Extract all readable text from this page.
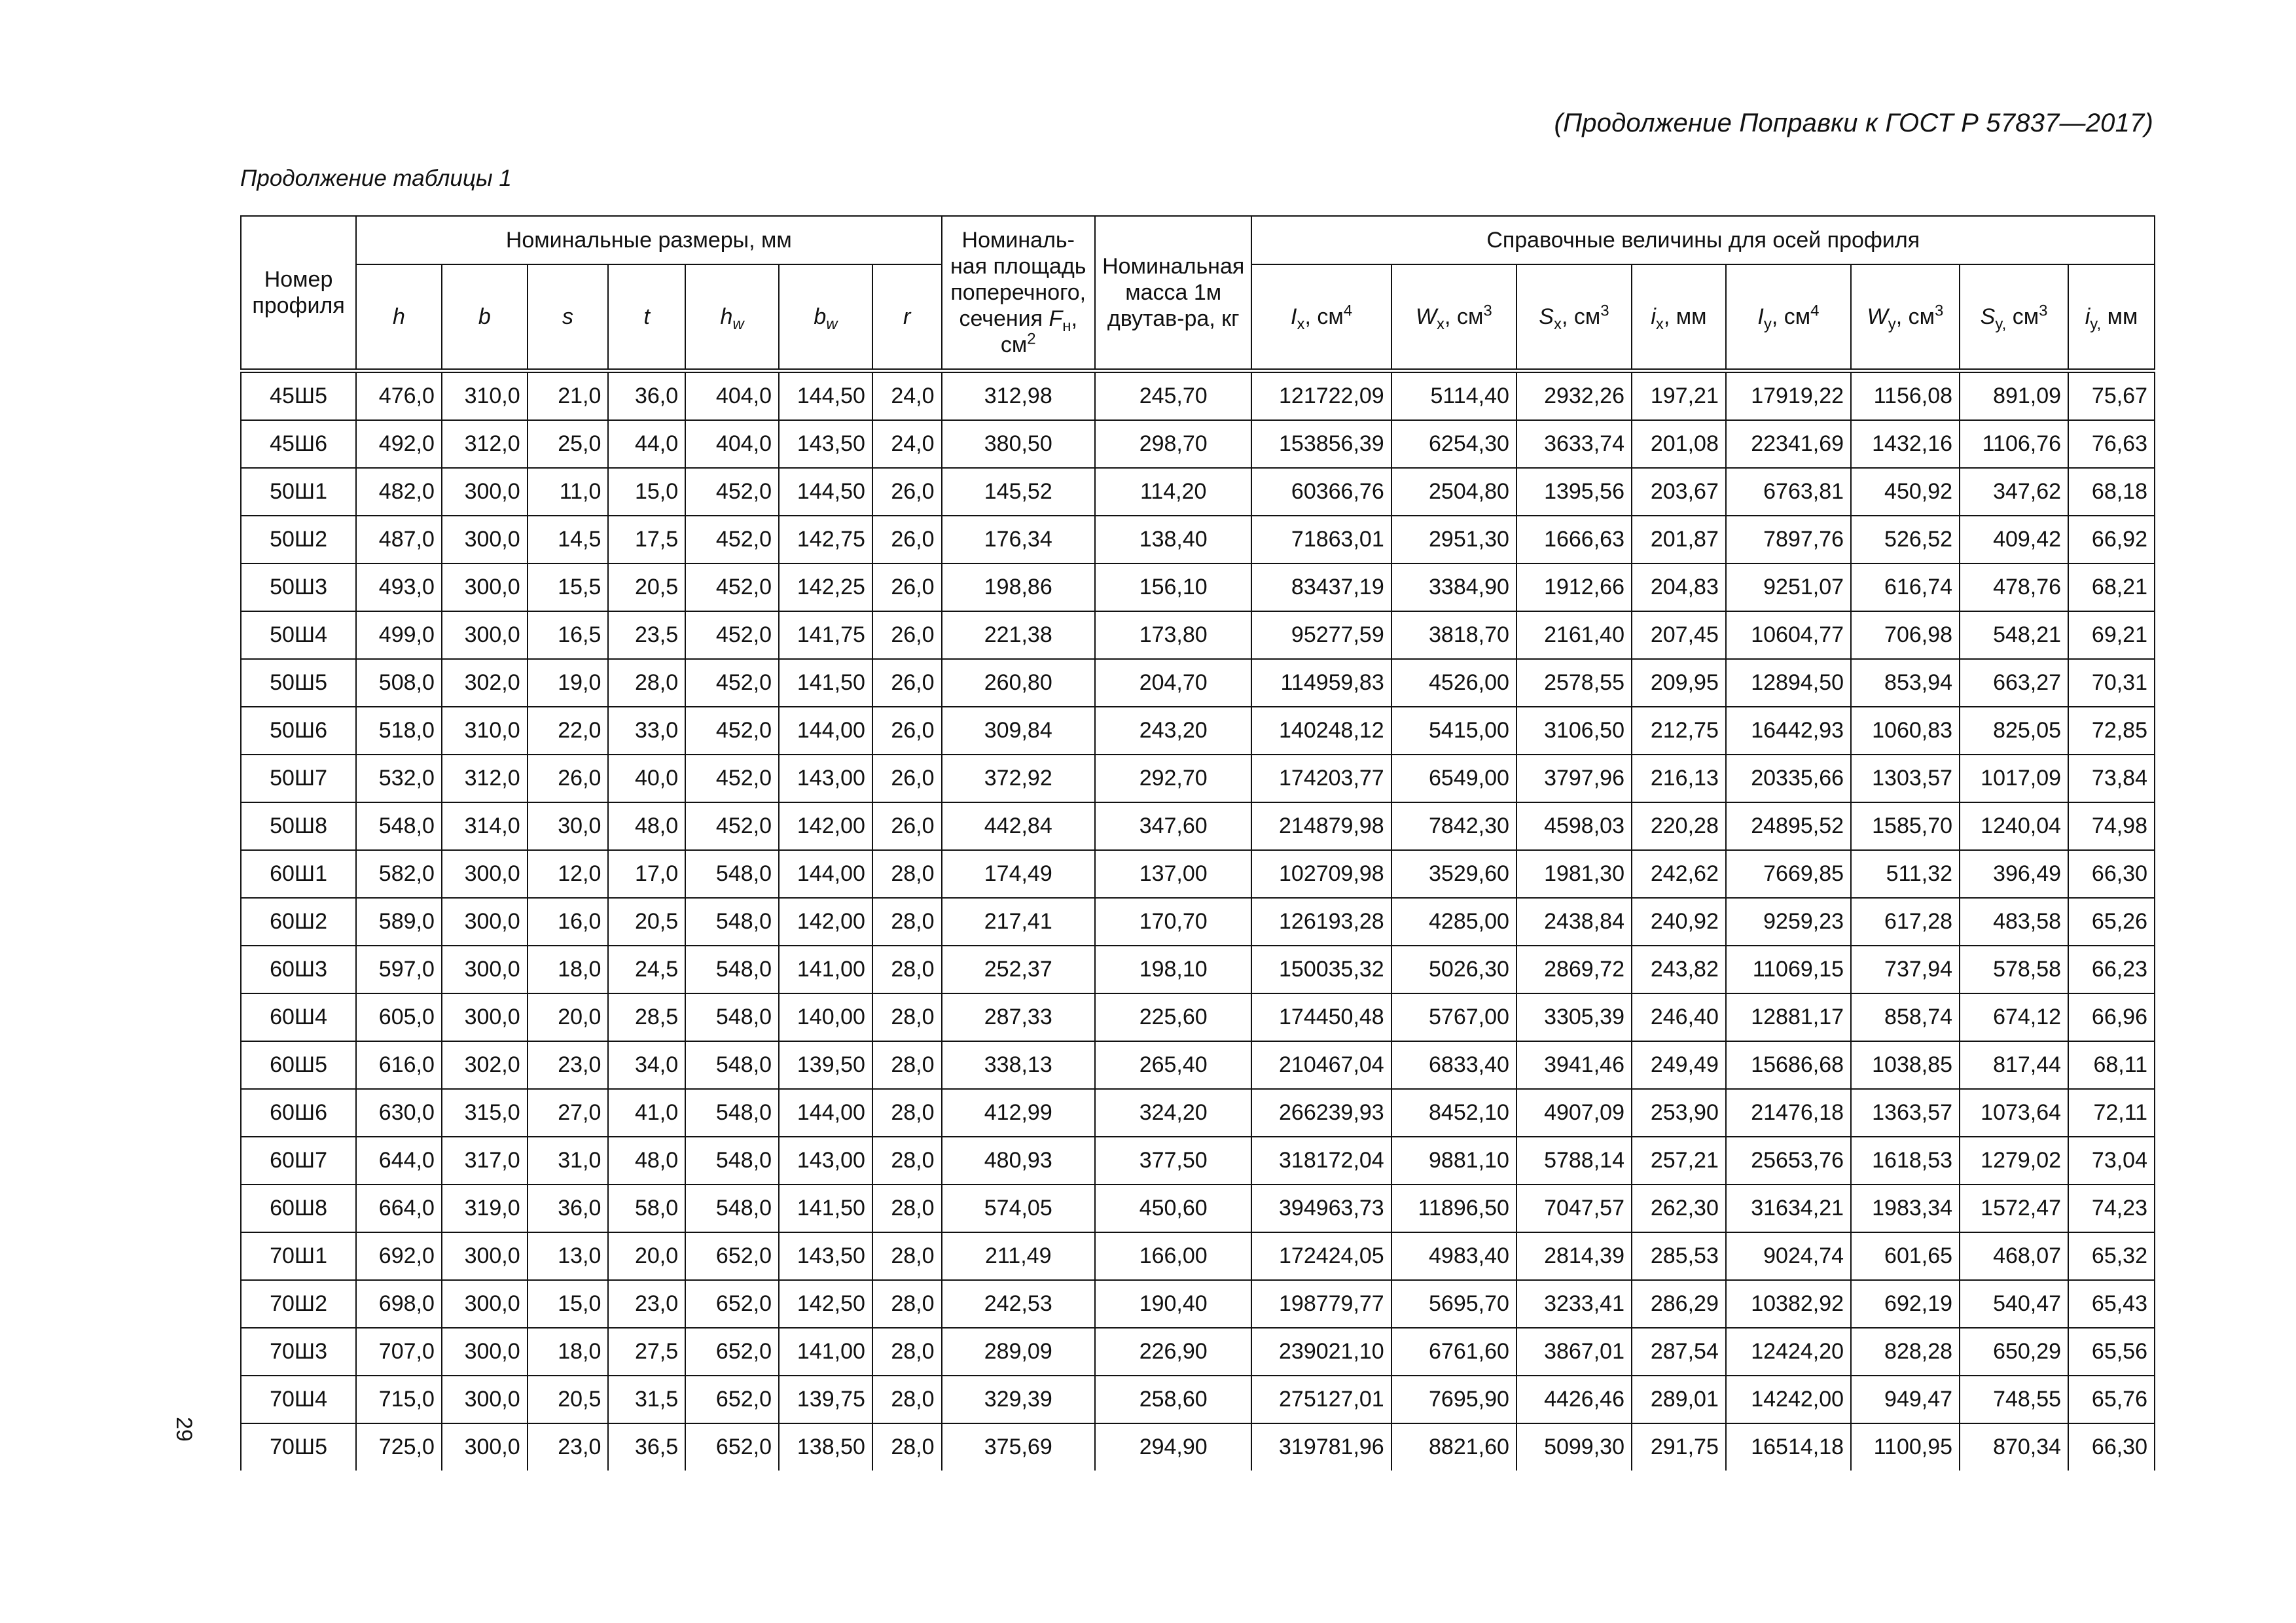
(Продолжение Поправки к ГОСТ Р 57837—2017)
Продолжение таблицы 1
29
Номер профиля	Номинальные размеры, мм							Номиналь-ная площадь поперечного, сечения $F_н$, $см^2$	Номинальная масса 1м двутав-ра, кг	Справочные величины для осей профиля							
	h	b	s	t	$h_w$	$b_w$	r			$I_x$, $см^4$	$W_x$, $см^3$	$S_x$, $см^3$	$i_x$, мм	$I_y$, $см^4$	$W_y$, $см^3$	$S_{y,}$ $см^3$	$i_{y,}$ мм
45Ш5	476,0	310,0	21,0	36,0	404,0	144,50	24,0	312,98	245,70	121722,09	5114,40	2932,26	197,21	17919,22	1156,08	891,09	75,67
45Ш6	492,0	312,0	25,0	44,0	404,0	143,50	24,0	380,50	298,70	153856,39	6254,30	3633,74	201,08	22341,69	1432,16	1106,76	76,63
50Ш1	482,0	300,0	11,0	15,0	452,0	144,50	26,0	145,52	114,20	60366,76	2504,80	1395,56	203,67	6763,81	450,92	347,62	68,18
50Ш2	487,0	300,0	14,5	17,5	452,0	142,75	26,0	176,34	138,40	71863,01	2951,30	1666,63	201,87	7897,76	526,52	409,42	66,92
50Ш3	493,0	300,0	15,5	20,5	452,0	142,25	26,0	198,86	156,10	83437,19	3384,90	1912,66	204,83	9251,07	616,74	478,76	68,21
50Ш4	499,0	300,0	16,5	23,5	452,0	141,75	26,0	221,38	173,80	95277,59	3818,70	2161,40	207,45	10604,77	706,98	548,21	69,21
50Ш5	508,0	302,0	19,0	28,0	452,0	141,50	26,0	260,80	204,70	114959,83	4526,00	2578,55	209,95	12894,50	853,94	663,27	70,31
50Ш6	518,0	310,0	22,0	33,0	452,0	144,00	26,0	309,84	243,20	140248,12	5415,00	3106,50	212,75	16442,93	1060,83	825,05	72,85
50Ш7	532,0	312,0	26,0	40,0	452,0	143,00	26,0	372,92	292,70	174203,77	6549,00	3797,96	216,13	20335,66	1303,57	1017,09	73,84
50Ш8	548,0	314,0	30,0	48,0	452,0	142,00	26,0	442,84	347,60	214879,98	7842,30	4598,03	220,28	24895,52	1585,70	1240,04	74,98
60Ш1	582,0	300,0	12,0	17,0	548,0	144,00	28,0	174,49	137,00	102709,98	3529,60	1981,30	242,62	7669,85	511,32	396,49	66,30
60Ш2	589,0	300,0	16,0	20,5	548,0	142,00	28,0	217,41	170,70	126193,28	4285,00	2438,84	240,92	9259,23	617,28	483,58	65,26
60Ш3	597,0	300,0	18,0	24,5	548,0	141,00	28,0	252,37	198,10	150035,32	5026,30	2869,72	243,82	11069,15	737,94	578,58	66,23
60Ш4	605,0	300,0	20,0	28,5	548,0	140,00	28,0	287,33	225,60	174450,48	5767,00	3305,39	246,40	12881,17	858,74	674,12	66,96
60Ш5	616,0	302,0	23,0	34,0	548,0	139,50	28,0	338,13	265,40	210467,04	6833,40	3941,46	249,49	15686,68	1038,85	817,44	68,11
60Ш6	630,0	315,0	27,0	41,0	548,0	144,00	28,0	412,99	324,20	266239,93	8452,10	4907,09	253,90	21476,18	1363,57	1073,64	72,11
60Ш7	644,0	317,0	31,0	48,0	548,0	143,00	28,0	480,93	377,50	318172,04	9881,10	5788,14	257,21	25653,76	1618,53	1279,02	73,04
60Ш8	664,0	319,0	36,0	58,0	548,0	141,50	28,0	574,05	450,60	394963,73	11896,50	7047,57	262,30	31634,21	1983,34	1572,47	74,23
70Ш1	692,0	300,0	13,0	20,0	652,0	143,50	28,0	211,49	166,00	172424,05	4983,40	2814,39	285,53	9024,74	601,65	468,07	65,32
70Ш2	698,0	300,0	15,0	23,0	652,0	142,50	28,0	242,53	190,40	198779,77	5695,70	3233,41	286,29	10382,92	692,19	540,47	65,43
70Ш3	707,0	300,0	18,0	27,5	652,0	141,00	28,0	289,09	226,90	239021,10	6761,60	3867,01	287,54	12424,20	828,28	650,29	65,56
70Ш4	715,0	300,0	20,5	31,5	652,0	139,75	28,0	329,39	258,60	275127,01	7695,90	4426,46	289,01	14242,00	949,47	748,55	65,76
70Ш5	725,0	300,0	23,0	36,5	652,0	138,50	28,0	375,69	294,90	319781,96	8821,60	5099,30	291,75	16514,18	1100,95	870,34	66,30
